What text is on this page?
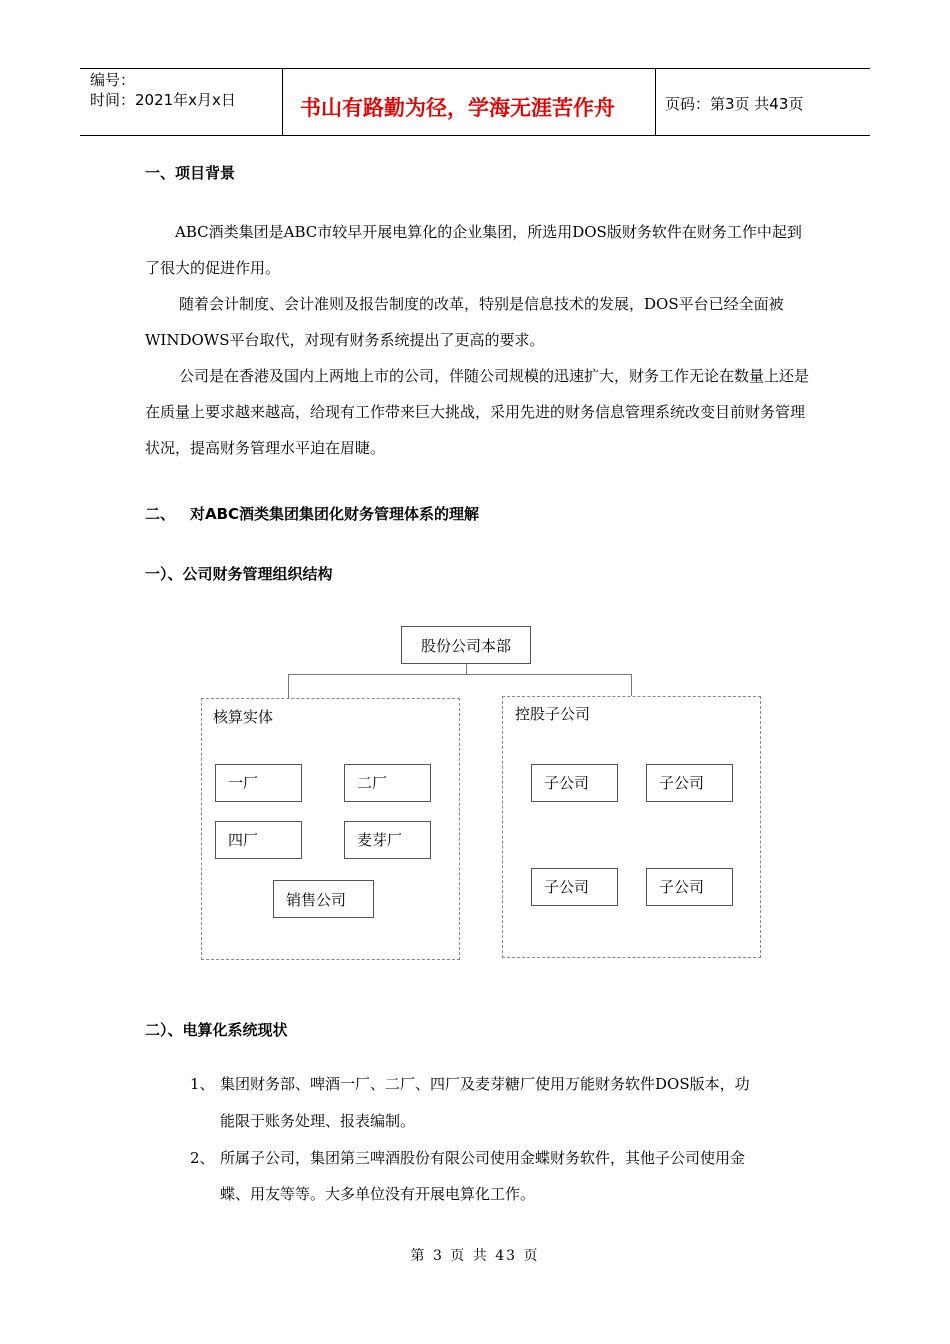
编号：
时间：2021年x月x日	书山有路勤为径，学海无涯苦作舟	页码：第3页 共43页
一、项目背景
ABC酒类集团是ABC市较早开展电算化的企业集团，所选用DOS版财务软件在财务工作中起到了很大的促进作用。
随着会计制度、会计准则及报告制度的改革，特别是信息技术的发展，DOS平台已经全面被WINDOWS平台取代，对现有财务系统提出了更高的要求。
公司是在香港及国内上两地上市的公司，伴随公司规模的迅速扩大，财务工作无论在数量上还是在质量上要求越来越高，给现有工作带来巨大挑战，采用先进的财务信息管理系统改变目前财务管理状况，提高财务管理水平迫在眉睫。
二、 对ABC酒类集团集团化财务管理体系的理解
一）、公司财务管理组织结构
股份公司本部
核算实体
一厂	二厂
四厂	麦芽厂
销售公司
控股子公司
子公司	子公司
子公司	子公司
二）、电算化系统现状
1、 集团财务部、啤酒一厂、二厂、四厂及麦芽糖厂使用万能财务软件DOS版本，功
能限于账务处理、报表编制。
2、 所属子公司，集团第三啤酒股份有限公司使用金蝶财务软件，其他子公司使用金
蝶、用友等等。大多单位没有开展电算化工作。
第 3 页 共 43 页
